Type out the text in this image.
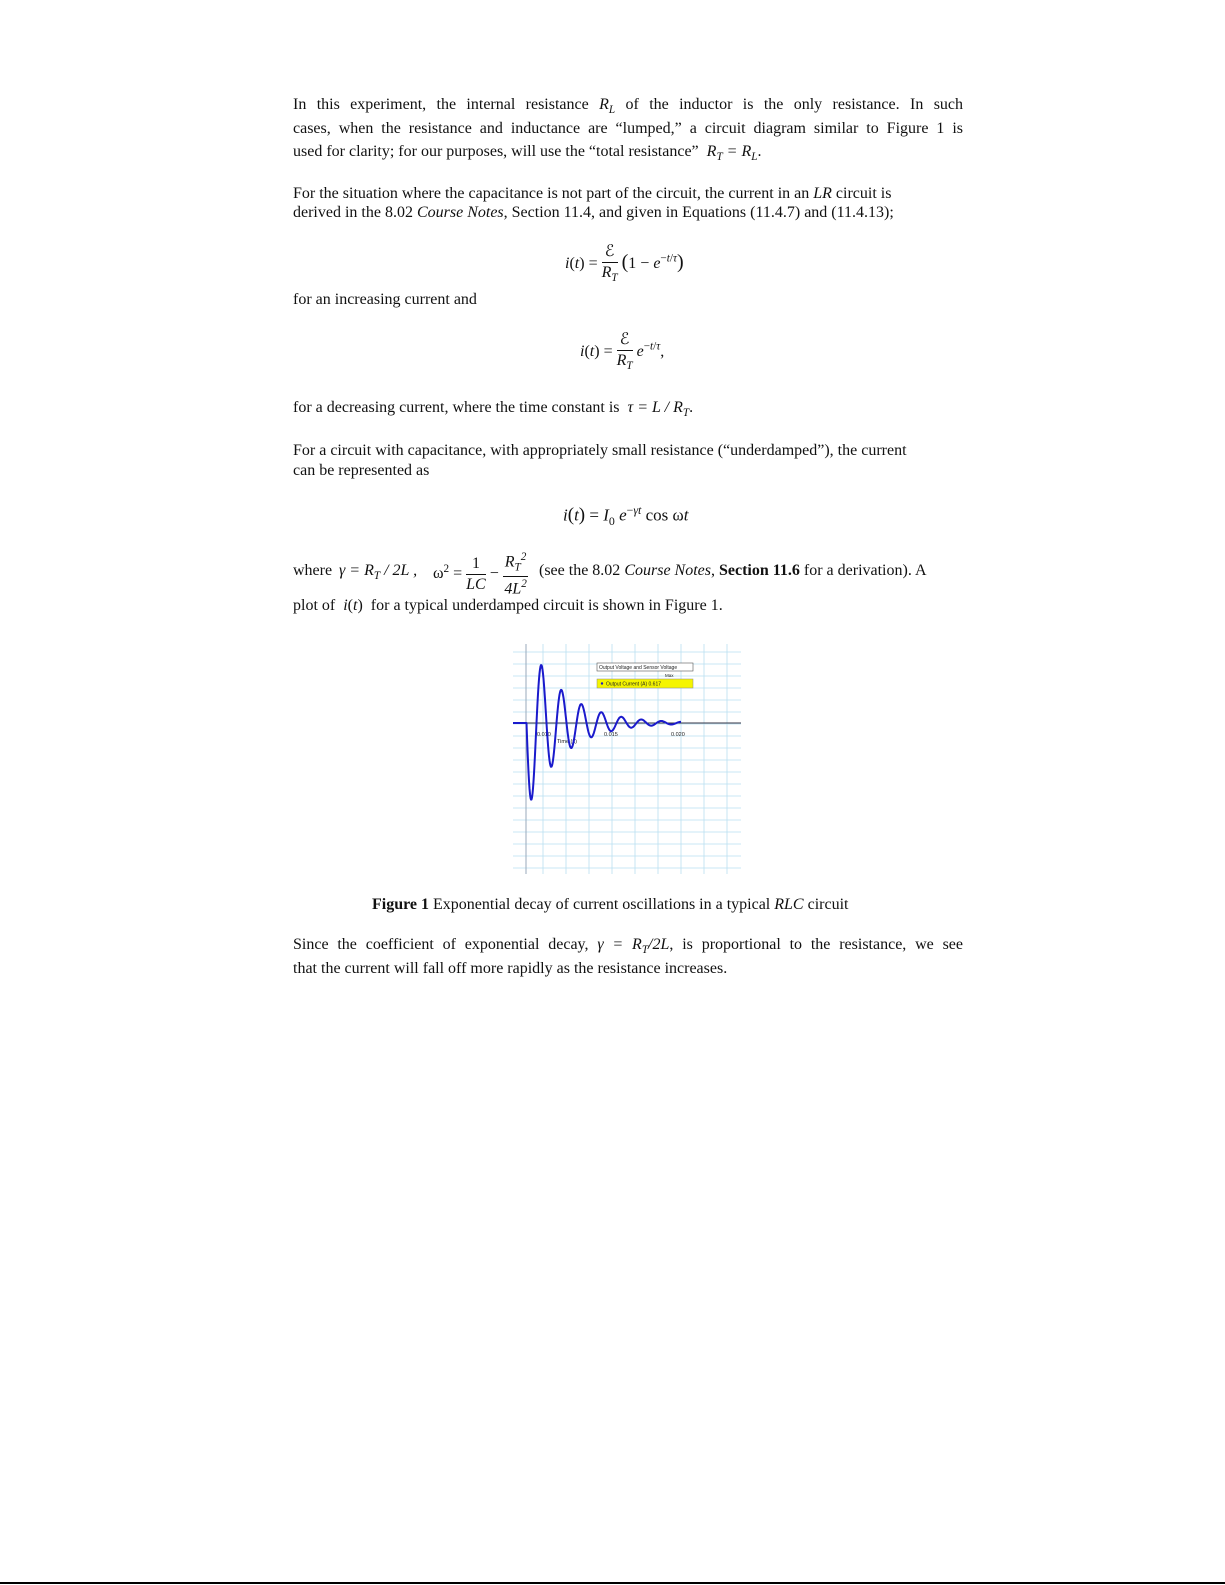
In this experiment, the internal resistance $R_L$ of the inductor is the only resistance. In such
cases, when the resistance and inductance are “lumped,” a circuit diagram similar to Figure 1 is
used for clarity; for our purposes, will use the “total resistance”  $R_T = R_L$.
For the situation where the capacitance is not part of the circuit, the current in an LR circuit is
derived in the 8.02 Course Notes, Section 11.4, and given in Equations (11.4.7) and (11.4.13);
$i(t) = \frac{\text{ℰ}}{R_T} (1 - e^{-t/\tau})$
for an increasing current and
$i(t) = \frac{\text{ℰ}}{R_T} e^{-t/\tau}$,
for a decreasing current, where the time constant is  $\tau = L / R_T$.
For a circuit with capacitance, with appropriately small resistance (“underdamped”), the current
can be represented as
$i(t) = I_0$ $e^{-\gamma t}$ cos ωt
where $\gamma = R_T / 2L$ , $\omega^2 = \frac{1}{LC} - \frac{R_T^2}{4L^2} (see$ the 8.02 Course Notes, Section 11.6 for a derivation). A
plot of  i(t) for a typical underdamped circuit is shown in Figure 1.
0.010	0.015	0.020
Time (s)
Output Voltage and Sensor Voltage
Max
Output Current (A) 0.617
Figure 1 Exponential decay of current oscillations in a typical RLC circuit
Since the coefficient of exponential decay, $\gamma = R_T/2L$, is proportional to the resistance, we see
that the current will fall off more rapidly as the resistance increases.
